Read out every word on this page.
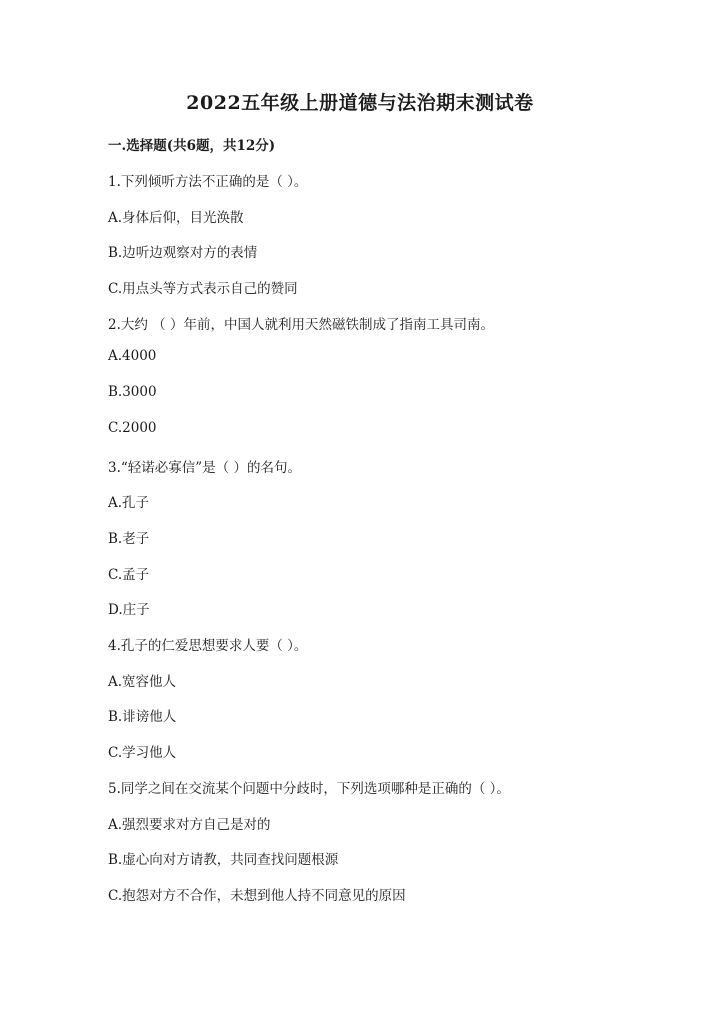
2022五年级上册道德与法治期末测试卷
一.选择题(共6题，共12分)
1.下列倾听方法不正确的是（ ）。
A.身体后仰，目光涣散
B.边听边观察对方的表情
C.用点头等方式表示自己的赞同
2.大约 （ ）年前，中国人就利用天然磁铁制成了指南工具司南。
A.4000
B.3000
C.2000
3.“轻诺必寡信”是（ ）的名句。
A.孔子
B.老子
C.孟子
D.庄子
4.孔子的仁爱思想要求人要（ ）。
A.宽容他人
B.诽谤他人
C.学习他人
5.同学之间在交流某个问题中分歧时，下列选项哪种是正确的（ ）。
A.强烈要求对方自己是对的
B.虚心向对方请教，共同查找问题根源
C.抱怨对方不合作，未想到他人持不同意见的原因
